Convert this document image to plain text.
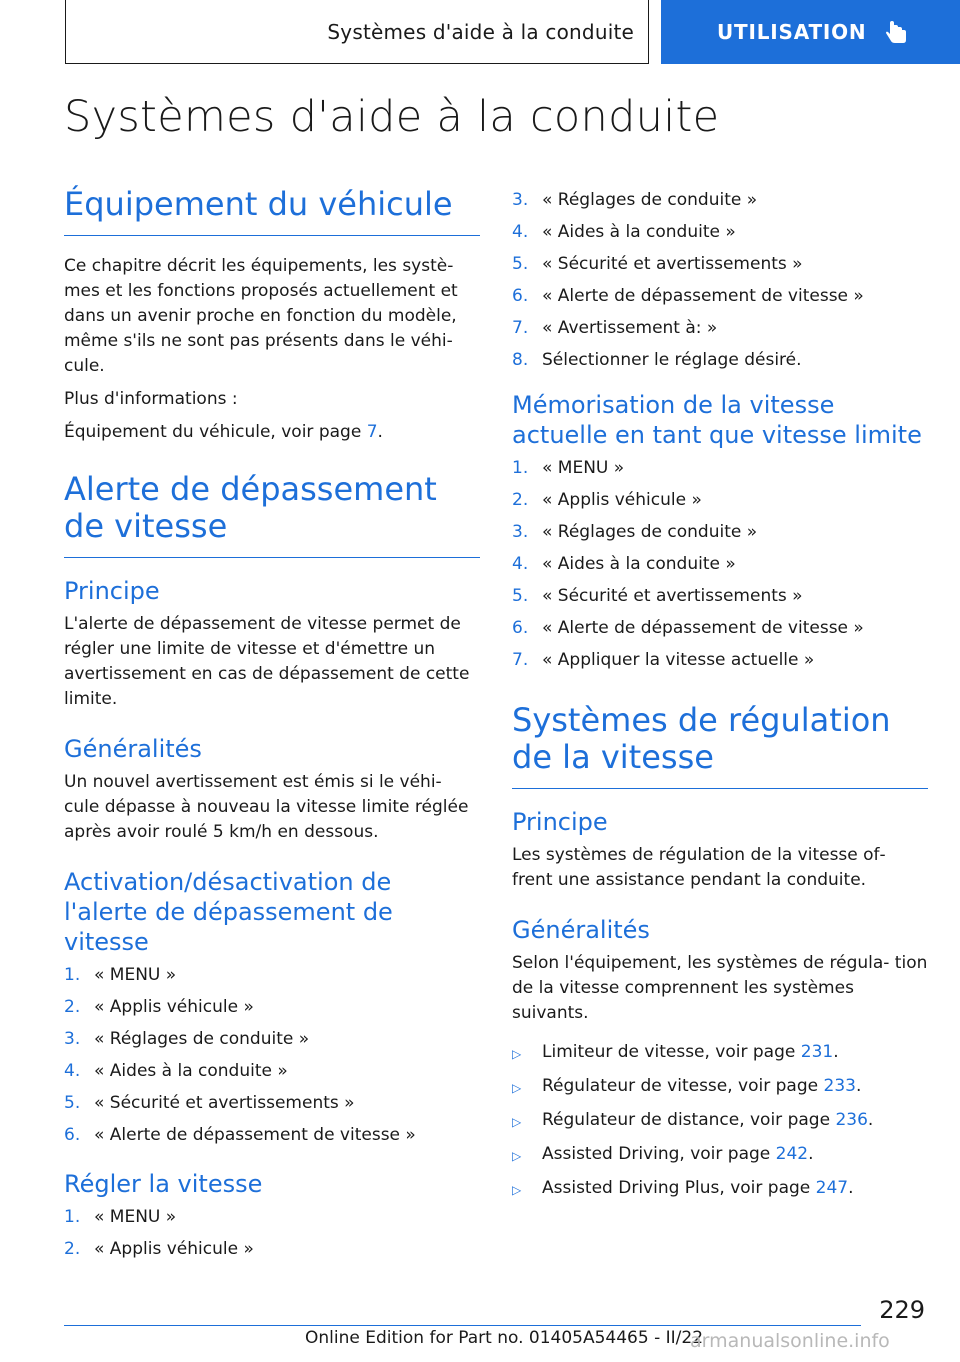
Systèmes d'aide à la conduite	UTILISATION
Systèmes d'aide à la conduite
Équipement du véhicule

Ce chapitre décrit les équipements, les systè‐ mes et les fonctions proposés actuellement et dans un avenir proche en fonction du modèle, même s'ils ne sont pas présents dans le véhi‐ cule.

Plus d'informations :

Équipement du véhicule, voir page 7.

Alerte de dépassement de vitesse
Principe

L'alerte de dépassement de vitesse permet de régler une limite de vitesse et d'émettre un avertissement en cas de dépassement de cette limite.

Généralités

Un nouvel avertissement est émis si le véhi‐ cule dépasse à nouveau la vitesse limite réglée après avoir roulé 5 km/h en dessous.

Activation/désactivation de l'alerte de dépassement de vitesse
1. « MENU »
2. « Applis véhicule »
3. « Réglages de conduite »
4. « Aides à la conduite »
5. « Sécurité et avertissements »
6. « Alerte de dépassement de vitesse »
Régler la vitesse
1. « MENU »
2. « Applis véhicule »
3. « Réglages de conduite »
4. « Aides à la conduite »
5. « Sécurité et avertissements »
6. « Alerte de dépassement de vitesse »
7. « Avertissement à: »
8. Sélectionner le réglage désiré.
Mémorisation de la vitesse actuelle en tant que vitesse limite
1. « MENU »
2. « Applis véhicule »
3. « Réglages de conduite »
4. « Aides à la conduite »
5. « Sécurité et avertissements »
6. « Alerte de dépassement de vitesse »
7. « Appliquer la vitesse actuelle »
Systèmes de régulation de la vitesse
Principe

Les systèmes de régulation de la vitesse of‐ frent une assistance pendant la conduite.

Généralités

Selon l'équipement, les systèmes de régula‐ tion de la vitesse comprennent les systèmes suivants.

▷	Limiteur de vitesse, voir page 231.
▷	Régulateur de vitesse, voir page 233.
▷	Régulateur de distance, voir page 236.
▷	Assisted Driving, voir page 242.
▷	Assisted Driving Plus, voir page 247.
229
Online Edition for Part no. 01405A54465 - II/22
armanualsonline.info
